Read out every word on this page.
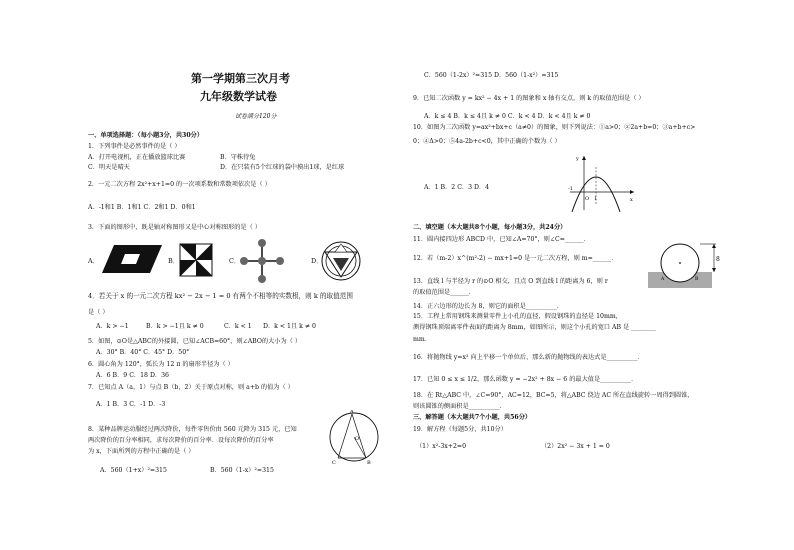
第一学期第三次月考
九年级数学试卷
试卷满分120分
一、单项选择题：（每小题3分，共30分）
1．下列事件是必然事件的是（ ）
A．打开电视机，正在播放篮球比赛	B．守株待兔
C．明天是晴天	D．在只装有5个红球的袋中摸出1球，是红球
2．一元二次方程 2x²+x+1=0 的一次项系数和常数项依次是（ ）
A．-1和1 B．1和1 C．2和1 D．0和1
3．下面的图形中，既是轴对称图形又是中心对称图形的是（ ）
A．	B．	C．	D．
4．若关于 x 的一元二次方程 kx² − 2x − 1 = 0 有两个不相等的实数根，则 k 的取值范围
是（ ）
A．k > −1	B．k > −1且 k ≠ 0	C．k < 1 D．k < 1且 k ≠ 0
5．如图，⊙O是△ABC的外接圆，已知∠ACB=60°，则∠ABO的大小为（ ）
A．30° B．40° C．45° D．50°
6．圆心角为 120°，弧长为 12 π 的扇形半径为（ ）
A．6 B．9 C．18 D．36
7．已知点 A（a，1）与点 B（b，2）关于原点对称，则 a+b 的值为（ ）
A．1 B．3 C．-1 D．-3
8．某种品牌运动服经过两次降价，每件零售价由 560 元降为 315 元，已知
两次降价的百分率相同，求每次降价的百分率．设每次降价的百分率
为 x，下面所列的方程中正确的是（ ）
A．560（1+x）²=315	B．560（1-x）²=315
A
C	B
O
C．560（1-2x）²=315 D．560（1-x²）=315
9．已知二次函数 y = kx² − 4x + 1 的图象和 x 轴有交点，则 k 的取值范围是（ ）
A．k ≤ 4 B．k ≤ 4且 k ≠ 0 C．k < 4 D．k < 4且 k ≠ 0
10．如图为二次函数 y=ax²+bx+c（a≠0）的图象，则下列说法：①a>0；②2a+b=0；③a+b+c>
0；④Δ>0；⑤4a-2b+c<0，其中正确的个数为（ ）
A．1 B．2 C．3 D．4
y
x
O
-1
1
二、填空题（本大题共8个小题，每小题3分，共24分）
11．圆内接四边形 ABCD 中，已知∠A=70°，则∠C=______．
12．若（m-2）x^(m²-2) − mx+1=0 是一元二次方程，则 m=______．
13．直线 l 与半径为 r 的⊙O 相交，且点 O 到直线 l 的距离为 6，则 r
的取值范围是______．
14．正六边形的边长为 8，则它的面积是__________．
15．工程上常用钢珠来测量零件上小孔的直径，假设钢珠的直径是 10mm，
测得钢珠顶端离零件表面的距离为 8mm，如图所示，则这个小孔的宽口 AB 是 ________
mm．
8
A	B
16．将抛物线 y=x² 向上平移一个单位后，那么新的抛物线的表达式是__________．
17．已知 0 ≤ x ≤ 1/2，那么函数 y = −2x² + 8x − 6 的最大值是__________．
18．在 Rt△ABC 中，∠C=90°，AC=12，BC=5，将△ABC 绕边 AC 所在直线旋转一周得到圆锥，
则该圆锥的侧面积是__________．
三、解答题（本大题共7个小题，共56分）
19．解方程（每题5分，共10分）
（1）x²-3x+2=0	（2）2x² − 3x + 1 = 0
